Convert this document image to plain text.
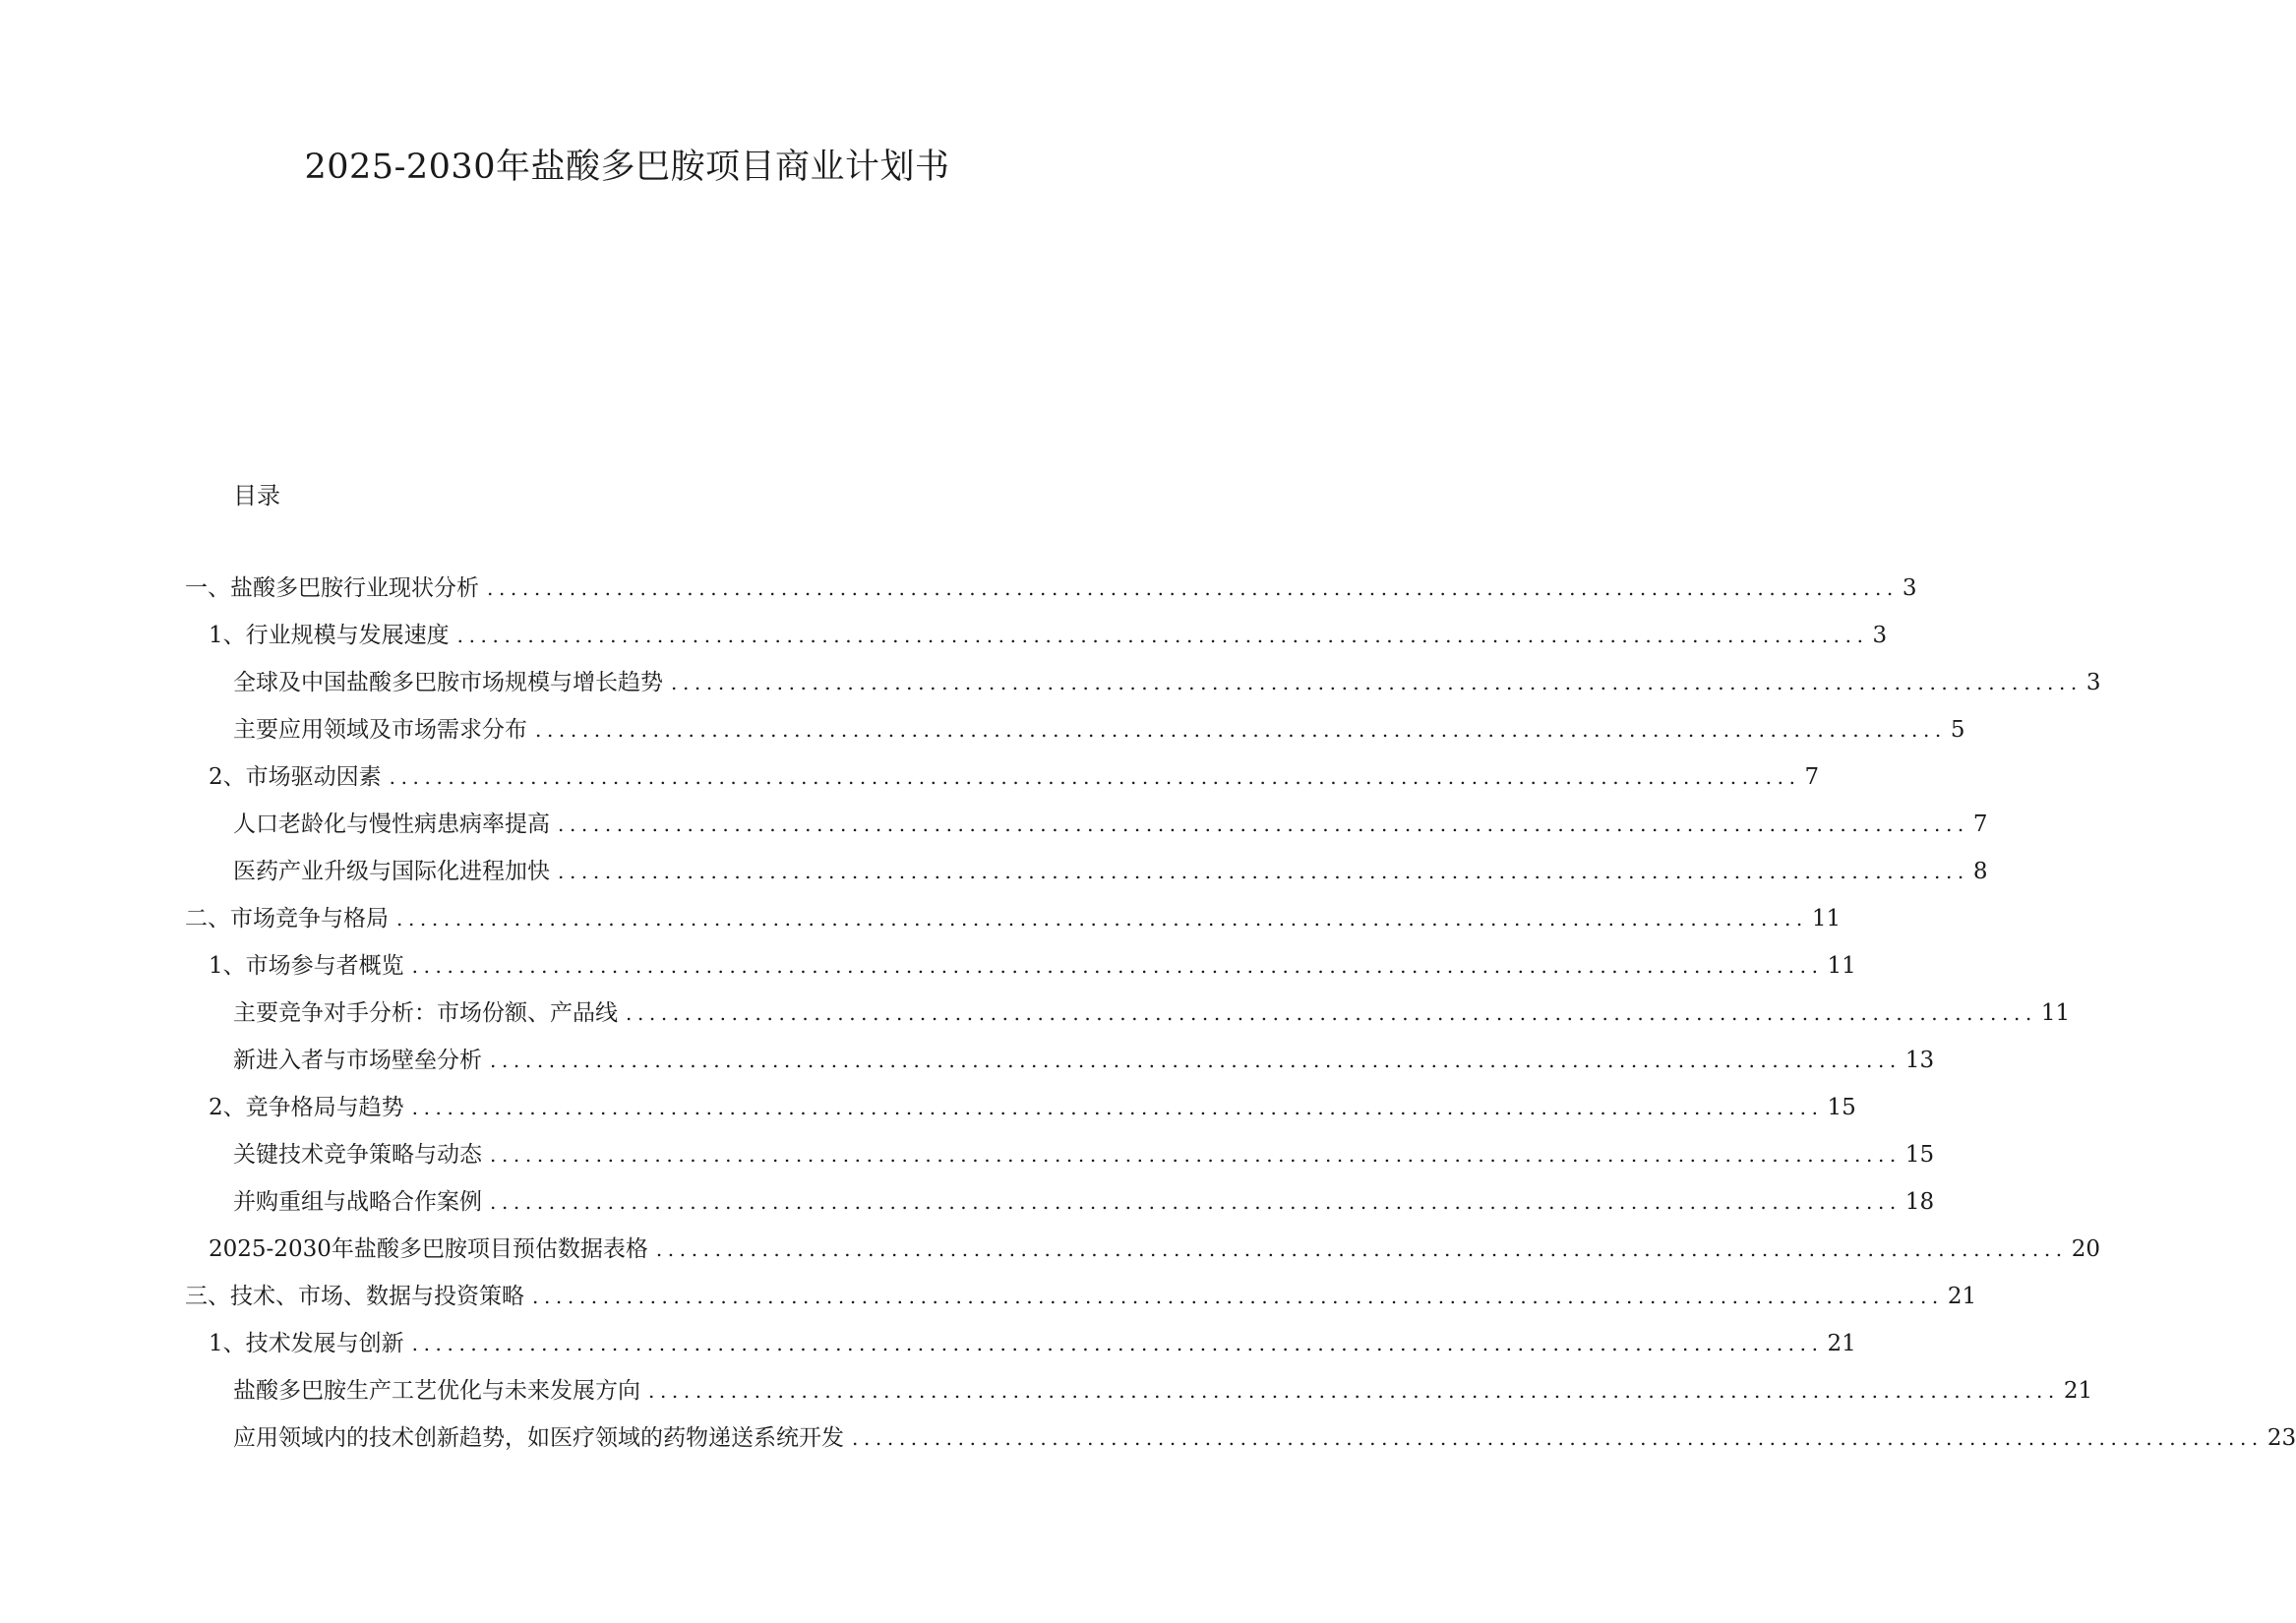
2025-2030年盐酸多巴胺项目商业计划书
目录
一、盐酸多巴胺行业现状分析 ........................................................................................................................ 3
1、行业规模与发展速度 ........................................................................................................................ 3
全球及中国盐酸多巴胺市场规模与增长趋势 ........................................................................................................................ 3
主要应用领域及市场需求分布 ........................................................................................................................ 5
2、市场驱动因素 ........................................................................................................................ 7
人口老龄化与慢性病患病率提高 ........................................................................................................................ 7
医药产业升级与国际化进程加快 ........................................................................................................................ 8
二、市场竞争与格局 ........................................................................................................................ 11
1、市场参与者概览 ........................................................................................................................ 11
主要竞争对手分析：市场份额、产品线 ........................................................................................................................ 11
新进入者与市场壁垒分析 ........................................................................................................................ 13
2、竞争格局与趋势 ........................................................................................................................ 15
关键技术竞争策略与动态 ........................................................................................................................ 15
并购重组与战略合作案例 ........................................................................................................................ 18
2025-2030年盐酸多巴胺项目预估数据表格 ........................................................................................................................ 20
三、技术、市场、数据与投资策略 ........................................................................................................................ 21
1、技术发展与创新 ........................................................................................................................ 21
盐酸多巴胺生产工艺优化与未来发展方向 ........................................................................................................................ 21
应用领域内的技术创新趋势，如医疗领域的药物递送系统开发 ........................................................................................................................ 23
